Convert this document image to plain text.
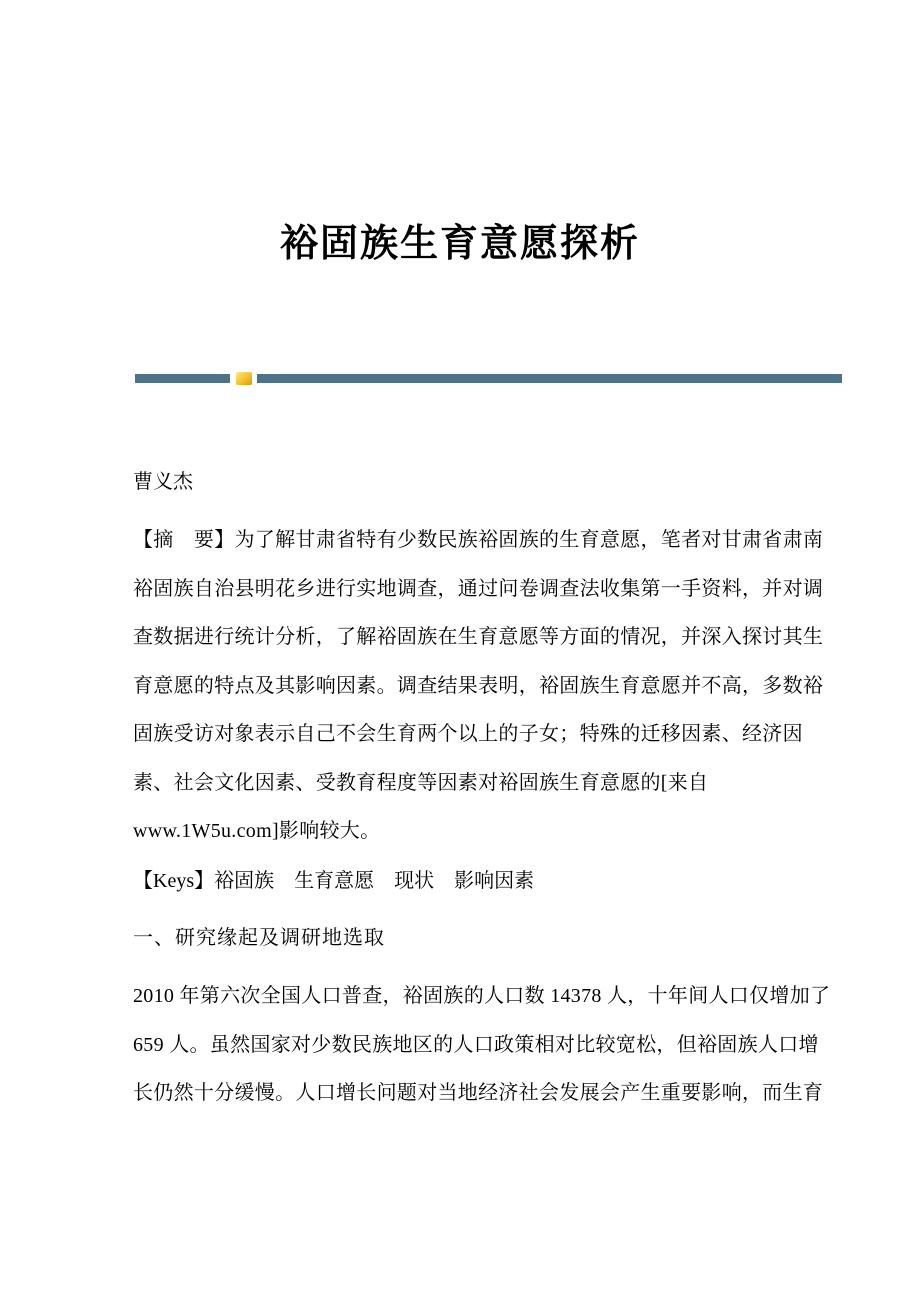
裕固族生育意愿探析
曹义杰
【摘　要】为了解甘肃省特有少数民族裕固族的生育意愿，笔者对甘肃省肃南
裕固族自治县明花乡进行实地调查，通过问卷调查法收集第一手资料，并对调
查数据进行统计分析，了解裕固族在生育意愿等方面的情况，并深入探讨其生
育意愿的特点及其影响因素。调查结果表明，裕固族生育意愿并不高，多数裕
固族受访对象表示自己不会生育两个以上的子女；特殊的迁移因素、经济因
素、社会文化因素、受教育程度等因素对裕固族生育意愿的[来自
www.1W5u.com]影响较大。
【Keys】裕固族　生育意愿　现状　影响因素
一、研究缘起及调研地选取
2010 年第六次全国人口普查，裕固族的人口数 14378 人，十年间人口仅增加了
659 人。虽然国家对少数民族地区的人口政策相对比较宽松，但裕固族人口增
长仍然十分缓慢。人口增长问题对当地经济社会发展会产生重要影响，而生育
